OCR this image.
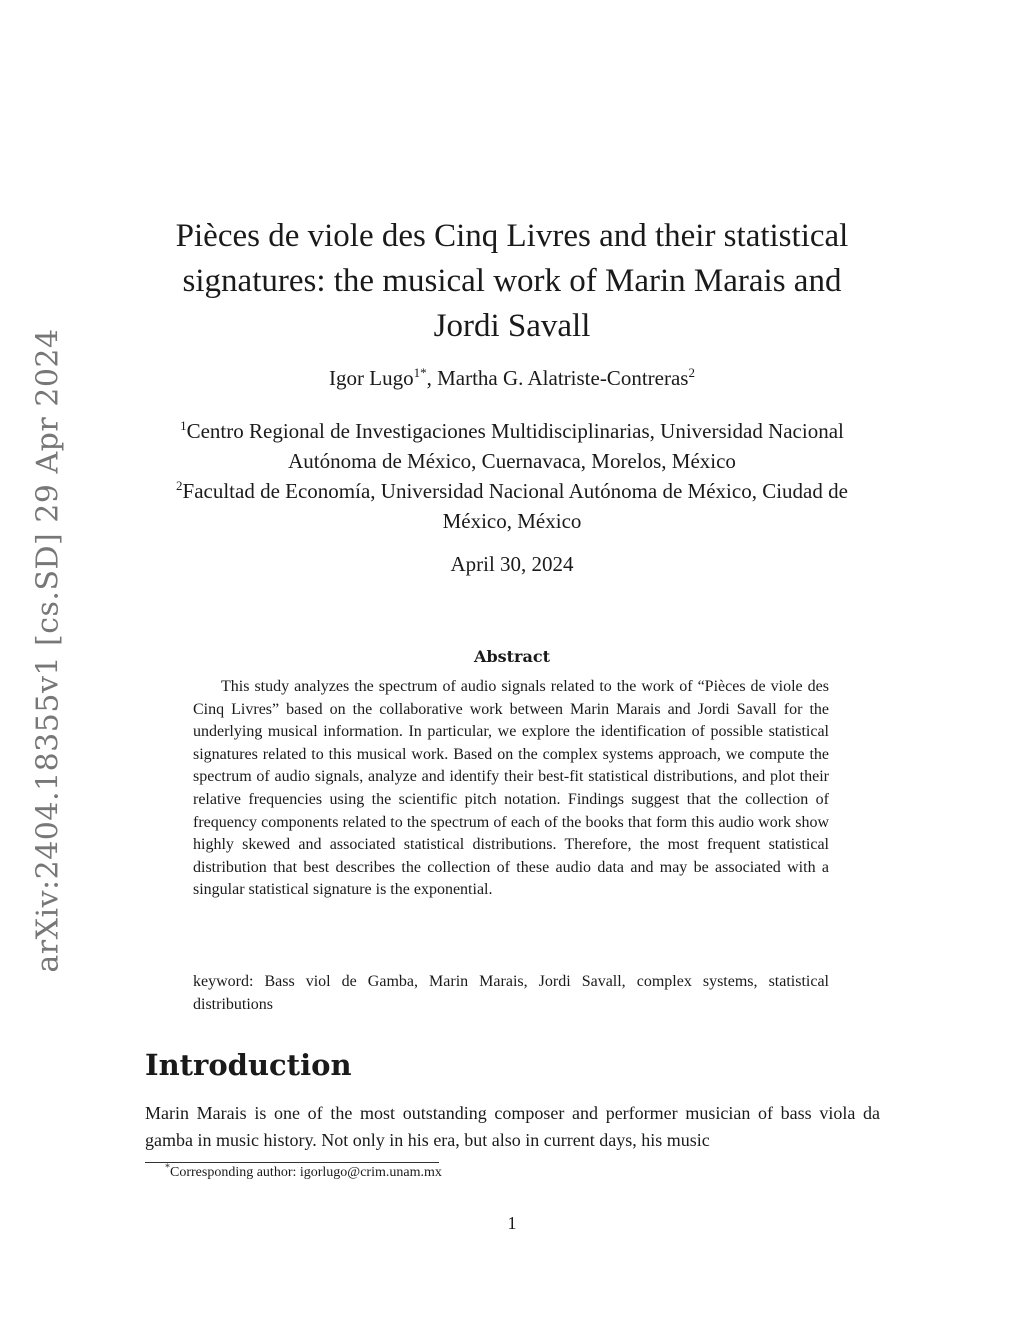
arXiv:2404.18355v1 [cs.SD] 29 Apr 2024
Pièces de viole des Cinq Livres and their statistical signatures: the musical work of Marin Marais and Jordi Savall
Igor Lugo$^{1*}$, Martha G. Alatriste-Contreras$^2$
$^1$Centro Regional de Investigaciones Multidisciplinarias, Universidad Nacional Autónoma de México, Cuernavaca, Morelos, México
$^2$Facultad de Economía, Universidad Nacional Autónoma de México, Ciudad de México, México
April 30, 2024
Abstract

This study analyzes the spectrum of audio signals related to the work of “Pièces de viole des Cinq Livres” based on the collaborative work between Marin Marais and Jordi Savall for the underlying musical information. In particular, we explore the identification of possible statistical signatures related to this musical work. Based on the complex systems approach, we compute the spectrum of audio signals, analyze and identify their best-fit statistical distributions, and plot their relative frequencies using the scientific pitch notation. Findings suggest that the collection of frequency components related to the spectrum of each of the books that form this audio work show highly skewed and associated statistical distributions. Therefore, the most frequent statistical distribution that best describes the collection of these audio data and may be associated with a singular statistical signature is the exponential.

keyword: Bass viol de Gamba, Marin Marais, Jordi Savall, complex systems, statistical distributions

Introduction

Marin Marais is one of the most outstanding composer and performer musician of bass viola da gamba in music history. Not only in his era, but also in current days, his music

*Corresponding author: igorlugo@crim.unam.mx
1
